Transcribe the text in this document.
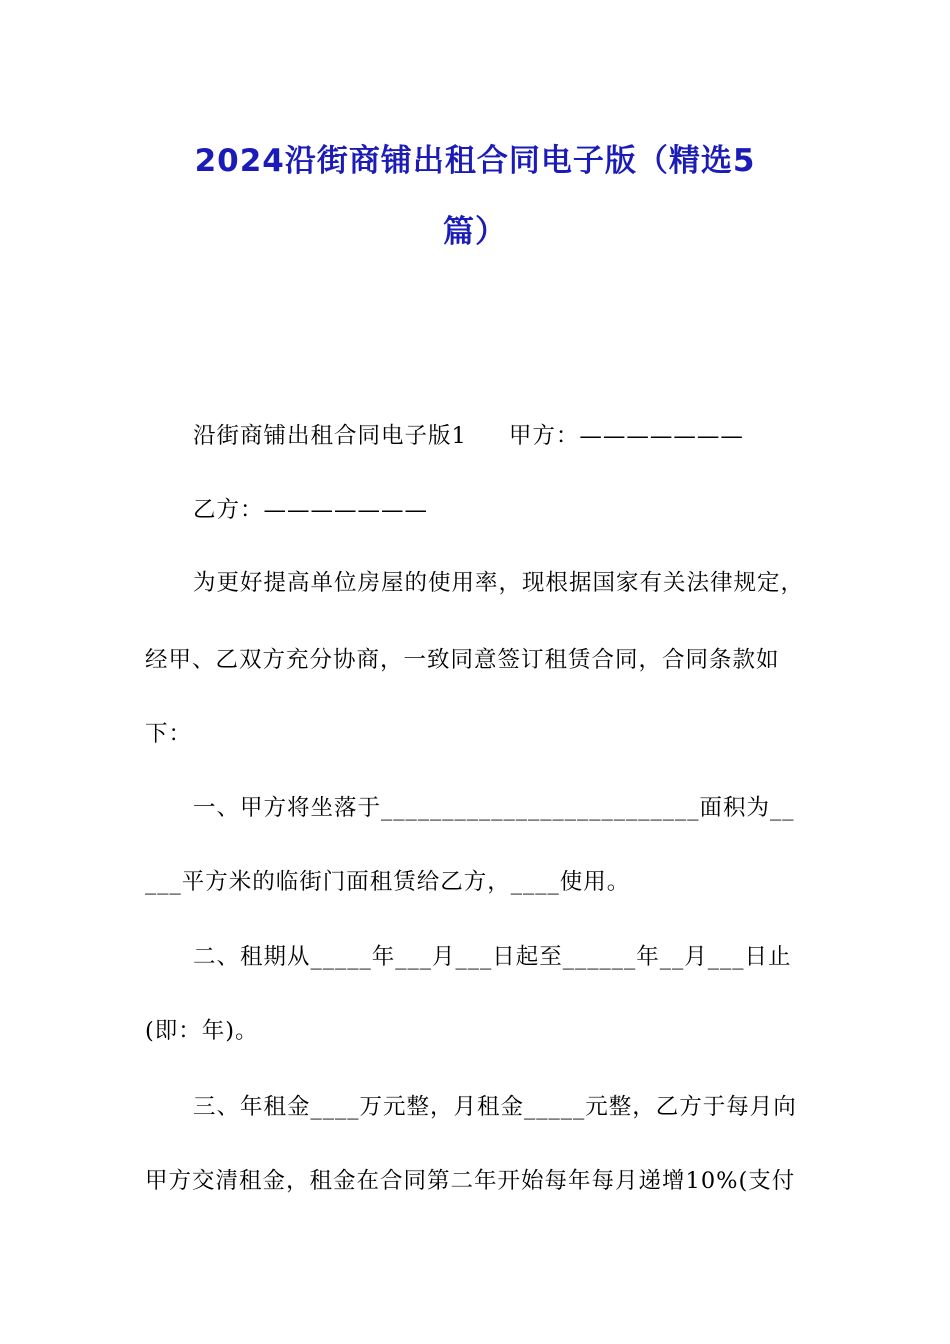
2024沿街商铺出租合同电子版（精选5
篇）
沿街商铺出租合同电子版1 甲方：———————
乙方：———————
为更好提高单位房屋的使用率，现根据国家有关法律规定，
经甲、乙双方充分协商，一致同意签订租赁合同，合同条款如
下：
一、甲方将坐落于__________________________面积为__
___平方米的临街门面租赁给乙方，____使用。
二、租期从_____年___月___日起至______年__月___日止
(即：年)。
三、年租金____万元整，月租金_____元整，乙方于每月向
甲方交清租金，租金在合同第二年开始每年每月递增10%(支付
